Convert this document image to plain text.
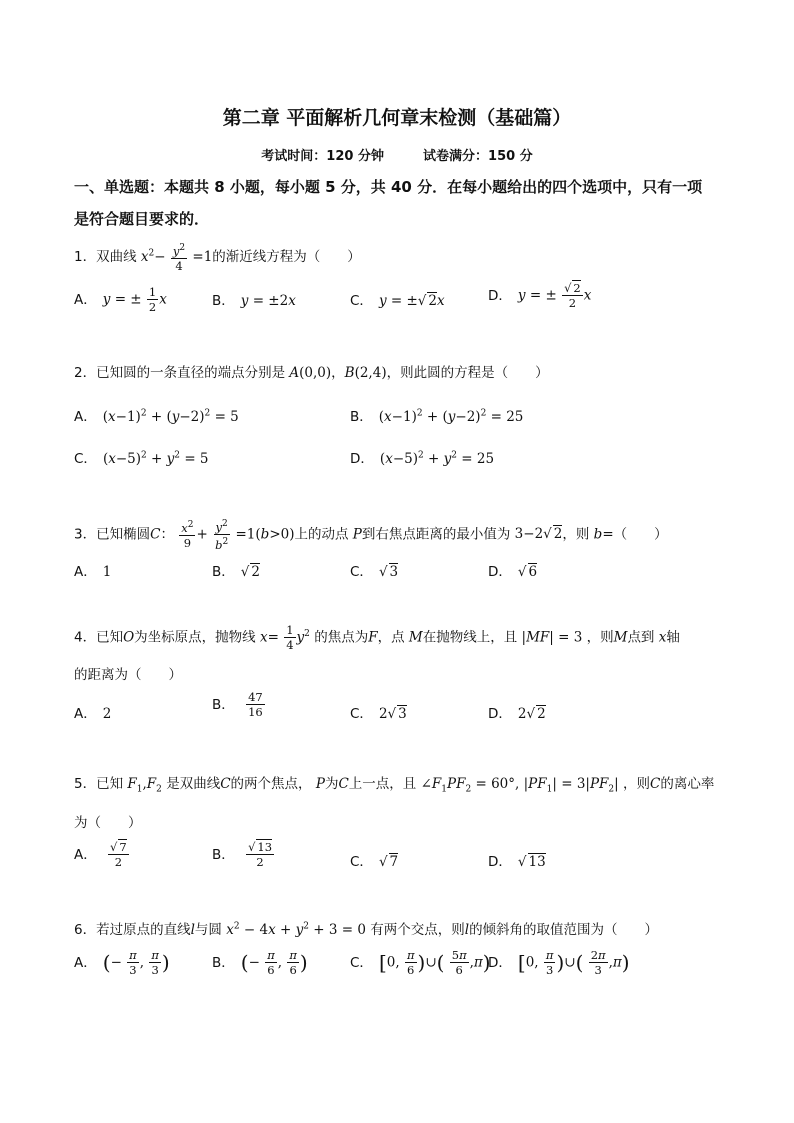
第二章 平面解析几何章末检测（基础篇）
考试时间：120 分钟	试卷满分：150 分
一、单选题：本题共 8 小题，每小题 5 分，共 40 分．在每小题给出的四个选项中，只有一项
是符合题目要求的．
1．双曲线 $x^2- \frac{y^2}{4} =1$的渐近线方程为（　　）
A． y = ± $\frac{1}{2}$ x	B． y = ±2x	C． y = ±√ 2x	D． y = ± $\frac{√ 2}{2}$ x
2．已知圆的一条直径的端点分别是 A(0,0)，B(2,4)，则此圆的方程是（　　）
A． $(x-1)^2 + (y-2)^2 = 5$	B． $(x-1)^2 + (y-2)^2 = 25$
C． $(x-5)^2 + y^2 = 5$	D． $(x-5)^2 + y^2 = 25$
3．已知椭圆C： $\frac{x^2}{9} + \frac{y^2}{b^2} =1(b>0)$上的动点 P到右焦点距离的最小值为 3−2√ 2，则 b=（　　）
A． 1	B． √ 2	C． √ 3	D． √ 6
4．已知O为坐标原点，抛物线 $x= \frac{1}{4} y^2$ 的焦点为F，点 M在抛物线上，且 |MF| = 3 ，则M点到 x轴
的距离为（　　）
A． 2
B． $\frac{47}{16}$	C． 2√ 3	D． 2√ 2
5．已知 $F_1,F_2$ 是双曲线C的两个焦点， P为C上一点，且 $\angle F_1PF_2 = 60^\circ$, $|PF_1| = 3|PF_2|$ ，则C的离心率
为（　　）
A． $\frac{√ 7}{2}$	B． $\frac{√ 13}{2}$	C． √ 7	D． √ 13
6．若过原点的直线l与圆 $x^2 - 4x + y^2 + 3 = 0$ 有两个交点，则l的倾斜角的取值范围为（　　）
A． (− $\frac{\pi}{3}$ , $\frac{\pi}{3}$ )	B． (− $\frac{\pi}{6}$ , $\frac{\pi}{6}$ )	C． [0, $\frac{\pi}{6}$ )∪( $\frac{5\pi}{6} ,\pi$)
D． [0, $\frac{\pi}{3}$ )∪( $\frac{2\pi}{3} ,\pi$)
